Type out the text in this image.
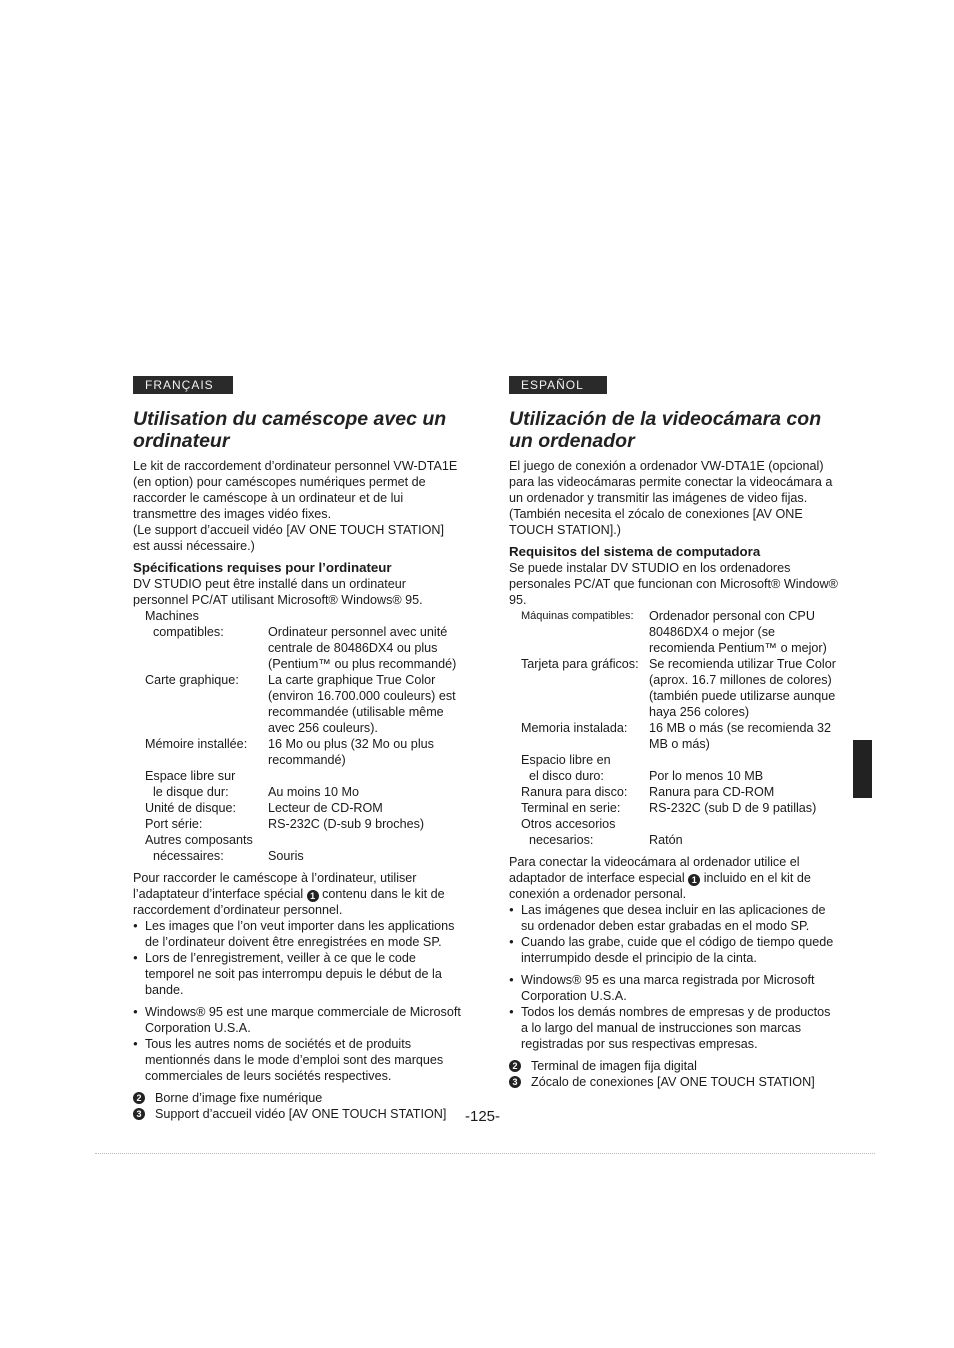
FRANÇAIS
Utilisation du caméscope avec un ordinateur

Le kit de raccordement d’ordinateur personnel VW-DTA1E (en option) pour caméscopes numériques permet de raccorder le caméscope à un ordinateur et de lui transmettre des images vidéo fixes.

(Le support d’accueil vidéo [AV ONE TOUCH STATION] est aussi nécessaire.)

Spécifications requises pour l’ordinateur

DV STUDIO peut être installé dans un ordinateur personnel PC/AT utilisant Microsoft® Windows® 95.

Machines
compatibles:	Ordinateur personnel avec unité centrale de 80486DX4 ou plus (Pentium™ ou plus recommandé)
Carte graphique:	La carte graphique True Color (environ 16.700.000 couleurs) est recommandée (utilisable même avec 256 couleurs).
Mémoire installée:	16 Mo ou plus (32 Mo ou plus recommandé)
Espace libre sur
le disque dur:	Au moins 10 Mo
Unité de disque:	Lecteur de CD-ROM
Port série:	RS-232C (D-sub 9 broches)
Autres composants
nécessaires:	Souris

Pour raccorder le caméscope à l’ordinateur, utiliser l’adaptateur d’interface spécial 1 contenu dans le kit de raccordement d’ordinateur personnel.

● Les images que l’on veut importer dans les applications de l’ordinateur doivent être enregistrées en mode SP.
● Lors de l’enregistrement, veiller à ce que le code temporel ne soit pas interrompu depuis le début de la bande.
● Windows® 95 est une marque commerciale de Microsoft Corporation U.S.A.
● Tous les autres noms de sociétés et de produits mentionnés dans le mode d’emploi sont des marques commerciales de leurs sociétés respectives.
2 Borne d’image fixe numérique
3 Support d’accueil vidéo [AV ONE TOUCH STATION]
ESPAÑOL
Utilización de la videocámara con un ordenador

El juego de conexión a ordenador VW-DTA1E (opcional) para las videocámaras permite conectar la videocámara a un ordenador y transmitir las imágenes de video fijas.

(También necesita el zócalo de conexiones [AV ONE TOUCH STATION].)

Requisitos del sistema de computadora

Se puede instalar DV STUDIO en los ordenadores personales PC/AT que funcionan con Microsoft® Window® 95.

Máquinas compatibles:	Ordenador personal con CPU 80486DX4 o mejor (se recomienda Pentium™ o mejor)
Tarjeta para gráficos:	Se recomienda utilizar True Color (aprox. 16.7 millones de colores) (también puede utilizarse aunque haya 256 colores)
Memoria instalada:	16 MB o más (se recomienda 32 MB o más)
Espacio libre en
el disco duro:	Por lo menos 10 MB
Ranura para disco:	Ranura para CD-ROM
Terminal en serie:	RS-232C (sub D de 9 patillas)
Otros accesorios
necesarios:	Ratón

Para conectar la videocámara al ordenador utilice el adaptador de interface especial 1 incluido en el kit de conexión a ordenador personal.

● Las imágenes que desea incluir en las aplicaciones de su ordenador deben estar grabadas en el modo SP.
● Cuando las grabe, cuide que el código de tiempo quede interrumpido desde el principio de la cinta.
● Windows® 95 es una marca registrada por Microsoft Corporation U.S.A.
● Todos los demás nombres de empresas y de productos a lo largo del manual de instrucciones son marcas registradas por sus respectivas empresas.
2 Terminal de imagen fija digital
3 Zócalo de conexiones [AV ONE TOUCH STATION]
-125-
